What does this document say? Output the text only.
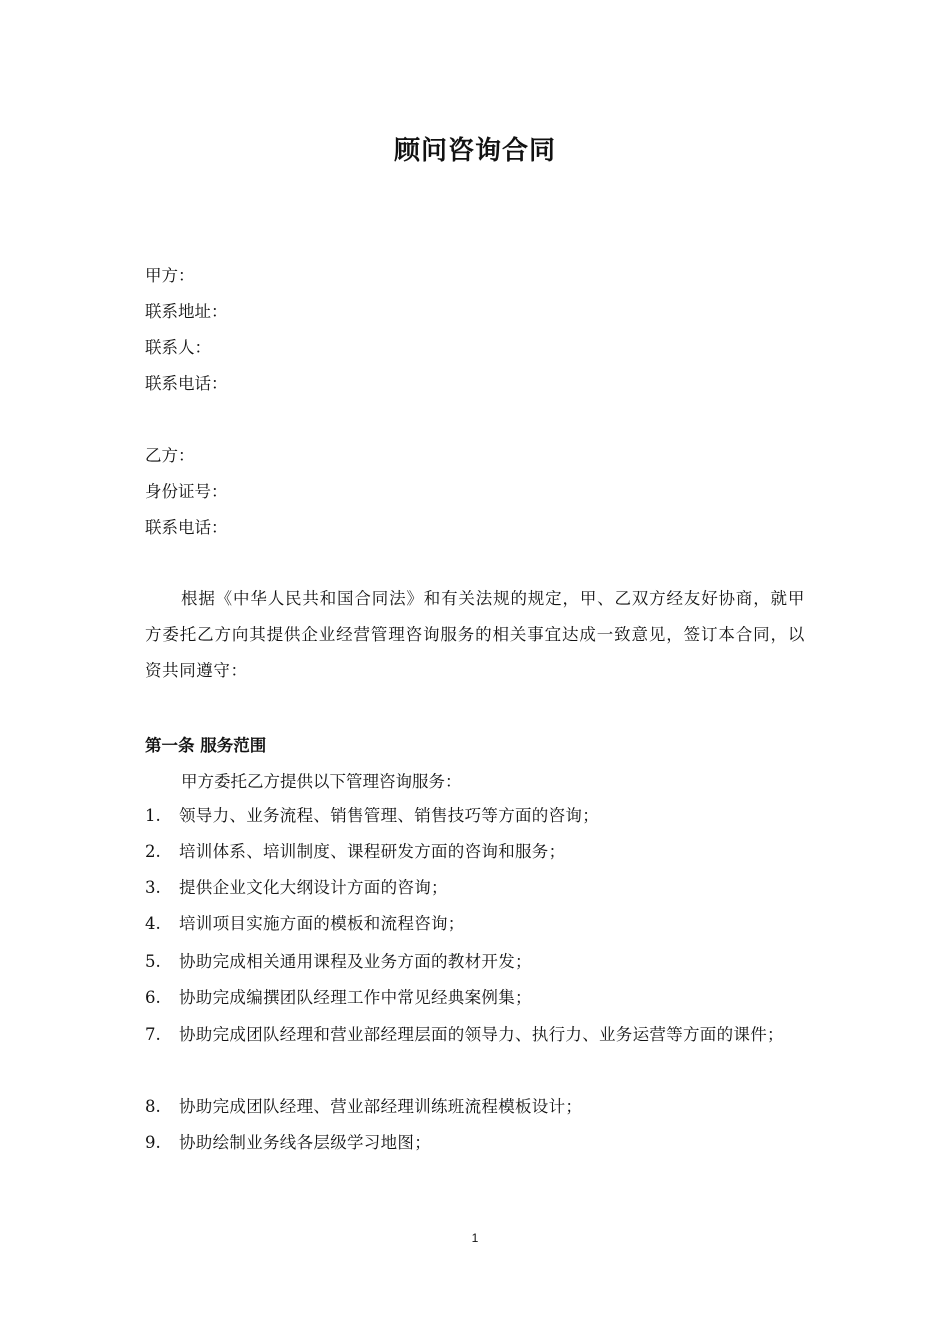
顾问咨询合同
甲方：
联系地址：
联系人：
联系电话：
乙方：
身份证号：
联系电话：
根据《中华人民共和国合同法》和有关法规的规定，甲、乙双方经友好协商，就甲方委托乙方向其提供企业经营管理咨询服务的相关事宜达成一致意见，签订本合同，以资共同遵守：
第一条 服务范围
甲方委托乙方提供以下管理咨询服务：
1.	领导力、业务流程、销售管理、销售技巧等方面的咨询；
2.	培训体系、培训制度、课程研发方面的咨询和服务；
3.	提供企业文化大纲设计方面的咨询；
4.	培训项目实施方面的模板和流程咨询；
5.	协助完成相关通用课程及业务方面的教材开发；
6.	协助完成编撰团队经理工作中常见经典案例集；
7.	协助完成团队经理和营业部经理层面的领导力、执行力、业务运营等方面的课件；
8.	协助完成团队经理、营业部经理训练班流程模板设计；
9.	协助绘制业务线各层级学习地图；
1
